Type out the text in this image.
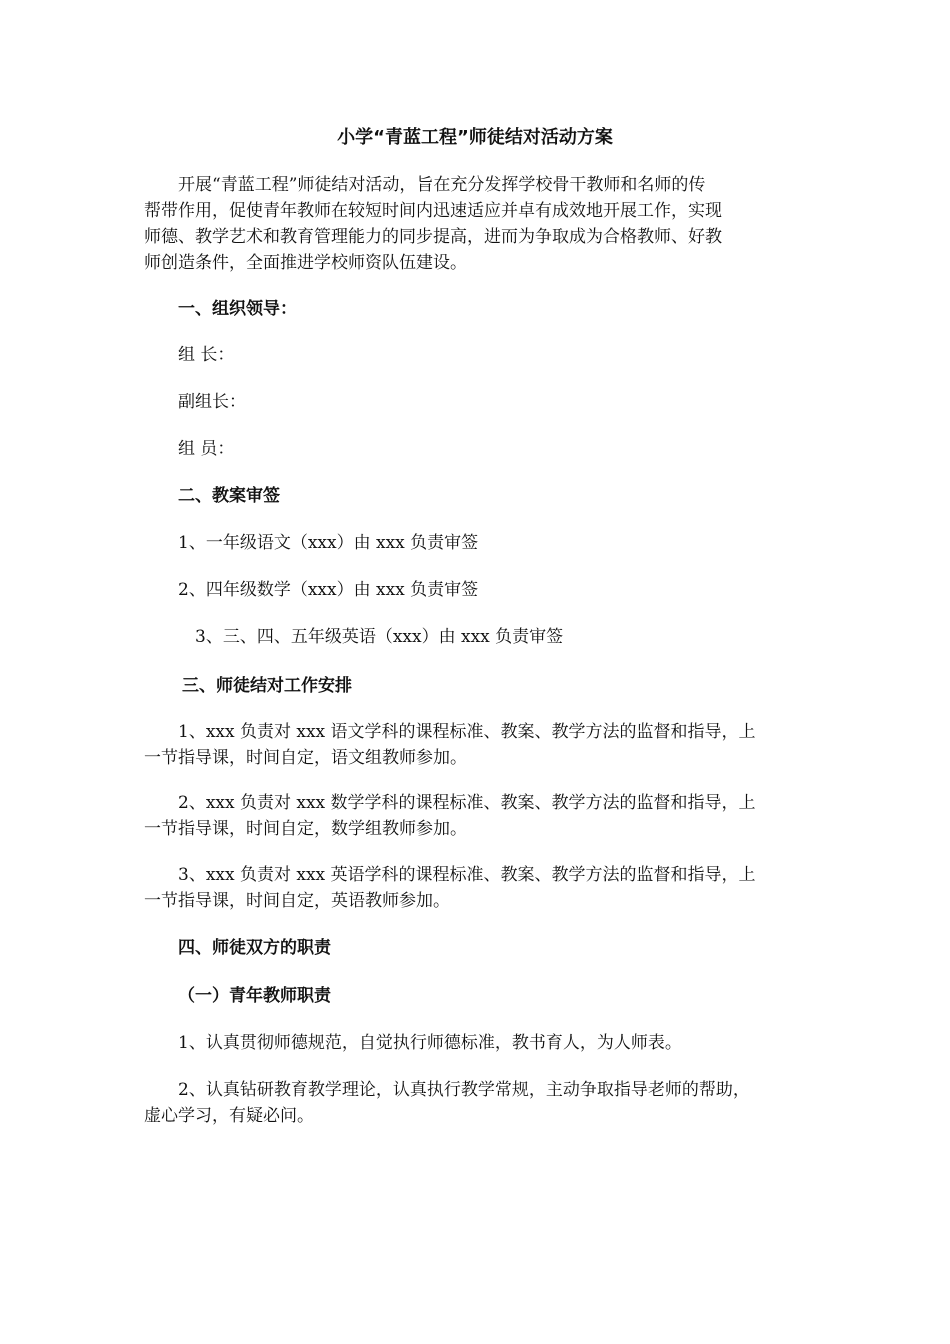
小学“青蓝工程”师徒结对活动方案
开展“青蓝工程”师徒结对活动，旨在充分发挥学校骨干教师和名师的传
帮带作用，促使青年教师在较短时间内迅速适应并卓有成效地开展工作，实现
师德、教学艺术和教育管理能力的同步提高，进而为争取成为合格教师、好教
师创造条件，全面推进学校师资队伍建设。
一、组织领导：
组 长：
副组长：
组 员：
二、教案审签
1、一年级语文（xxx）由 xxx 负责审签
2、四年级数学（xxx）由 xxx 负责审签
3、三、四、五年级英语（xxx）由 xxx 负责审签
三、师徒结对工作安排
1、xxx 负责对 xxx 语文学科的课程标准、教案、教学方法的监督和指导，上
一节指导课，时间自定，语文组教师参加。
2、xxx 负责对 xxx 数学学科的课程标准、教案、教学方法的监督和指导，上
一节指导课，时间自定，数学组教师参加。
3、xxx 负责对 xxx 英语学科的课程标准、教案、教学方法的监督和指导，上
一节指导课，时间自定，英语教师参加。
四、师徒双方的职责
（一）青年教师职责
1、认真贯彻师德规范，自觉执行师德标准，教书育人，为人师表。
2、认真钻研教育教学理论，认真执行教学常规，主动争取指导老师的帮助，
虚心学习，有疑必问。
